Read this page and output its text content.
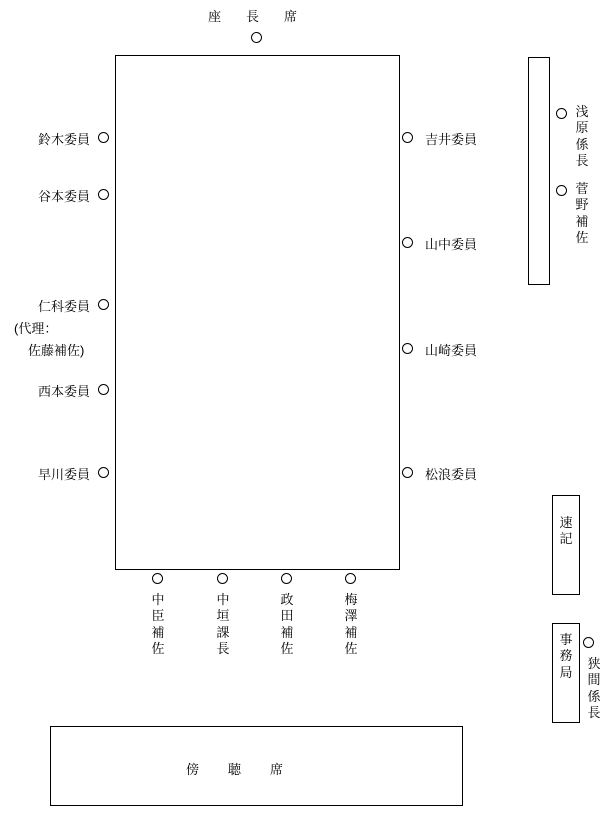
座　長　席
鈴木委員
谷本委員
仁科委員
(代理：
佐藤補佐)
西本委員
早川委員
吉井委員
山中委員
山崎委員
松浪委員
中
臣
補
佐
中
垣
課
長
政
田
補
佐
梅
澤
補
佐
浅
原
係
長
菅
野
補
佐
速
記
事
務
局
狭
間
係
長
傍　聴　席
